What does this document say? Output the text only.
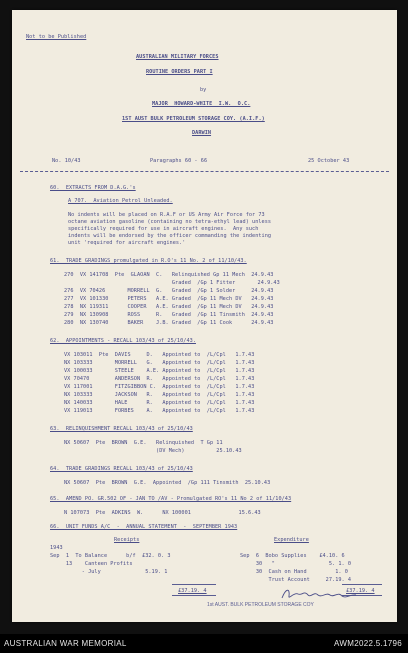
Not to be Published
AUSTRALIAN MILITARY FORCES
ROUTINE ORDERS PART I
by
MAJOR  HOWARD-WHITE  I.W.  O.C.
1ST AUST BULK PETROLEUM STORAGE COY. (A.I.F.)
DARWIN
No. 10/43	Paragraphs 60 - 66	25 October 43
60.  EXTRACTS FROM D.A.G.'s
A 707.  Aviation Petrol Unleaded.
No indents will be placed on R.A.F or US Army Air Force for 73
octane aviation gasoline (containing no tetra-ethyl lead) unless
specifically required for use in aircraft engines.  Any such
indents will be endorsed by the officer commanding the indenting
unit 'required for aircraft engines.'
61.  TRADE GRADINGS promulgated in R.O's 11 No. 2 of 11/10/43.
270  VX 141708  Pte  GLAOAN  C.   Relinquished Gp 11 Mech  24.9.43
Graded  /Gp 1 Fitter       24.9.43
276  VX 70426       MORRELL  G.   Graded  /Gp 1 Solder     24.9.43
277  VX 101330      PETERS   A.E. Graded  /Gp 11 Mech DV   24.9.43
278  NX 119311      COOPER   A.E. Graded  /Gp 11 Mech DV   24.9.43
279  NX 130908      ROSS     R.   Graded  /Gp 11 Tinsmith  24.9.43
280  NX 130740      BAKER    J.B. Graded  /Gp 11 Cook      24.9.43
62.  APPOINTMENTS - RECALL 103/43 of 25/10/43.
VX 103011  Pte  DAVIS     D.   Appointed to  /L/Cpl   1.7.43
NX 103333       MORRELL   G.   Appointed to  /L/Cpl   1.7.43
VX 100033       STEELE    A.E. Appointed to  /L/Cpl   1.7.43
VX 70470        ANDERSON  R.   Appointed to  /L/Cpl   1.7.43
VX 117001       FITZGIBBON C.  Appointed to  /L/Cpl   1.7.43
NX 103333       JACKSON   R.   Appointed to  /L/Cpl   1.7.43
NX 140033       HALE      R.   Appointed to  /L/Cpl   1.7.43
VX 119013       FORBES    A.   Appointed to  /L/Cpl   1.7.43
63.  RELINQUISHMENT RECALL 103/43 of 25/10/43
NX 50607  Pte  BROWN  G.E.   Relinquished  T Gp 11
(DV Mech)          25.10.43
64.  TRADE GRADINGS RECALL 103/43 of 25/10/43
NX 50607  Pte  BROWN  G.E.  Appointed  /Gp 111 Tinsmith  25.10.43
65.  AMEND PO. GR.502 OF - JAN TO /AV - Promulgated RO's 11 No 2 of 11/10/43
N 107073  Pte  ADKINS  W.      NX 100001               15.6.43
66.  UNIT FUNDS A/C  -  ANNUAL STATEMENT  -  SEPTEMBER 1943
Receipts	Expenditure
1943
Sep  1  To Balance      b/f  £32. 0. 3
13    Canteen Profits
- July              5.19. 1
Sep  6  Bobo Supplies    £4.10. 6
30   "                 5. 1. 0
30  Cash on Hand         1. 0
Trust Account     27.19. 4
£37.19. 4	£37.19. 4
1st AUST. BULK PETROLEUM STORAGE COY
AUSTRALIAN WAR MEMORIAL	AWM2022.5.1796
